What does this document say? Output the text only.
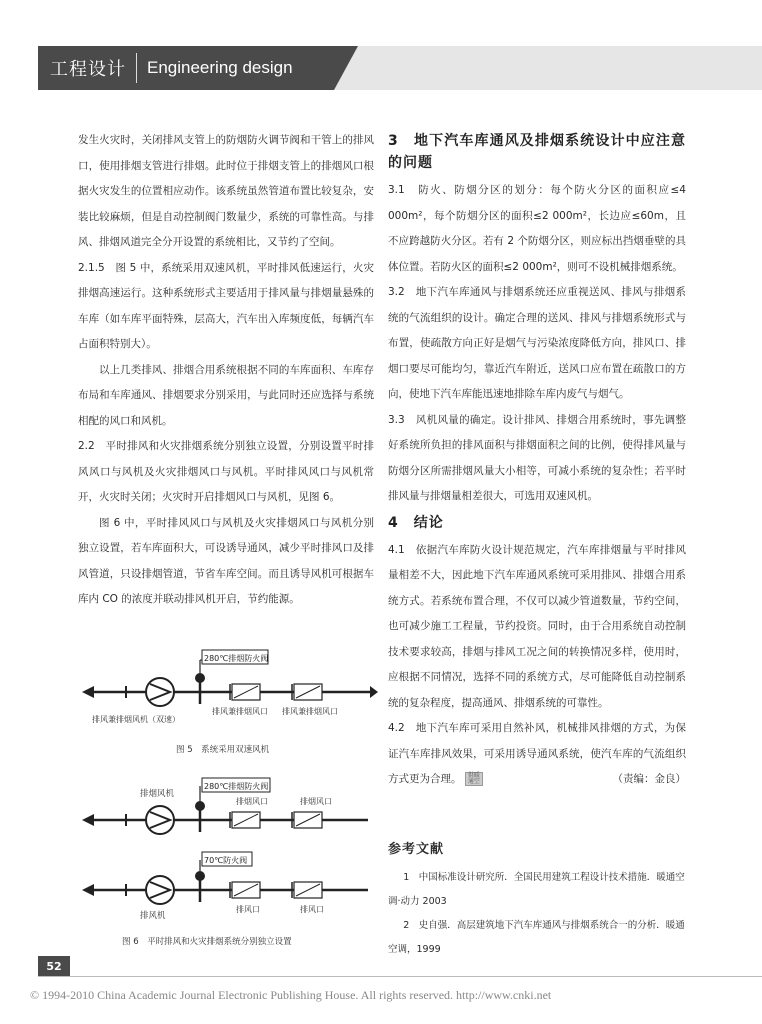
工程设计 Engineering design

发生火灾时，关闭排风支管上的防烟防火调节阀和干管上的排风口，使用排烟支管进行排烟。此时位于排烟支管上的排烟风口根据火灾发生的位置相应动作。该系统虽然管道布置比较复杂，安装比较麻烦，但是自动控制阀门数量少，系统的可靠性高。与排风、排烟风道完全分开设置的系统相比，又节约了空间。

2.1.5　图 5 中，系统采用双速风机，平时排风低速运行，火灾排烟高速运行。这种系统形式主要适用于排风量与排烟量悬殊的车库（如车库平面特殊，层高大，汽车出入库频度低，每辆汽车占面积特别大）。

以上几类排风、排烟合用系统根据不同的车库面积、车库存布局和车库通风、排烟要求分别采用，与此同时还应选择与系统相配的风口和风机。

2.2　平时排风和火灾排烟系统分别独立设置，分别设置平时排风风口与风机及火灾排烟风口与风机。平时排风风口与风机常开，火灾时关闭；火灾时开启排烟风口与风机，见图 6。

图 6 中，平时排风风口与风机及火灾排烟风口与风机分别独立设置，若车库面积大，可设诱导通风，减少平时排风口及排风管道，只设排烟管道，节省车库空间。而且诱导风机可根据车库内 CO 的浓度并联动排风机开启，节约能源。

280℃排烟防火阀
排风兼排烟风机（双速）
排风兼排烟风口 排风兼排烟风口
图 5　系统采用双速风机
排烟风机
280℃排烟防火阀
排烟风口	排烟风口
70℃防火阀
排风机
排风口	排风口
图 6　平时排风和火灾排烟系统分别独立设置

3　地下汽车库通风及排烟系统设计中应注意的问题

3.1　防火、防烟分区的划分：每个防火分区的面积应≤4 000m²，每个防烟分区的面积≤2 000m²，长边应≤60m，且不应跨越防火分区。若有 2 个防烟分区，则应标出挡烟垂壁的具体位置。若防火区的面积≤2 000m²，则可不设机械排烟系统。

3.2　地下汽车库通风与排烟系统还应重视送风、排风与排烟系统的气流组织的设计。确定合理的送风、排风与排烟系统形式与布置，使疏散方向正好是烟气与污染浓度降低方向，排风口、排烟口要尽可能均匀，靠近汽车附近，送风口应布置在疏散口的方向，使地下汽车库能迅速地排除车库内废气与烟气。

3.3　风机风量的确定。设计排风、排烟合用系统时，事先调整好系统所负担的排风面积与排烟面积之间的比例，使得排风量与防烟分区所需排烟风量大小相等，可减小系统的复杂性；若平时排风量与排烟量相差很大，可选用双速风机。

4　结论

4.1　依据汽车库防火设计规范规定，汽车库排烟量与平时排风量相差不大，因此地下汽车库通风系统可采用排风、排烟合用系统方式。若系统布置合理，不仅可以减少管道数量，节约空间，也可减少施工工程量，节约投资。同时，由于合用系统自动控制技术要求较高，排烟与排风工况之间的转换情况多样，使用时，应根据不同情况，选择不同的系统方式，尽可能降低自动控制系统的复杂程度，提高通风、排烟系统的可靠性。

4.2　地下汽车库可采用自然补风，机械排风排烟的方式，为保证汽车库排风效果，可采用诱导通风系统，使汽车库的气流组织方式更为合理。 供暖通空	（责编：金良）

参考文献

1　中国标准设计研究所．全国民用建筑工程设计技术措施．暖通空调·动力 2003

2　史自强．高层建筑地下汽车库通风与排烟系统合一的分析．暖通空调，1999

52
© 1994-2010 China Academic Journal Electronic Publishing House. All rights reserved. http://www.cnki.net
